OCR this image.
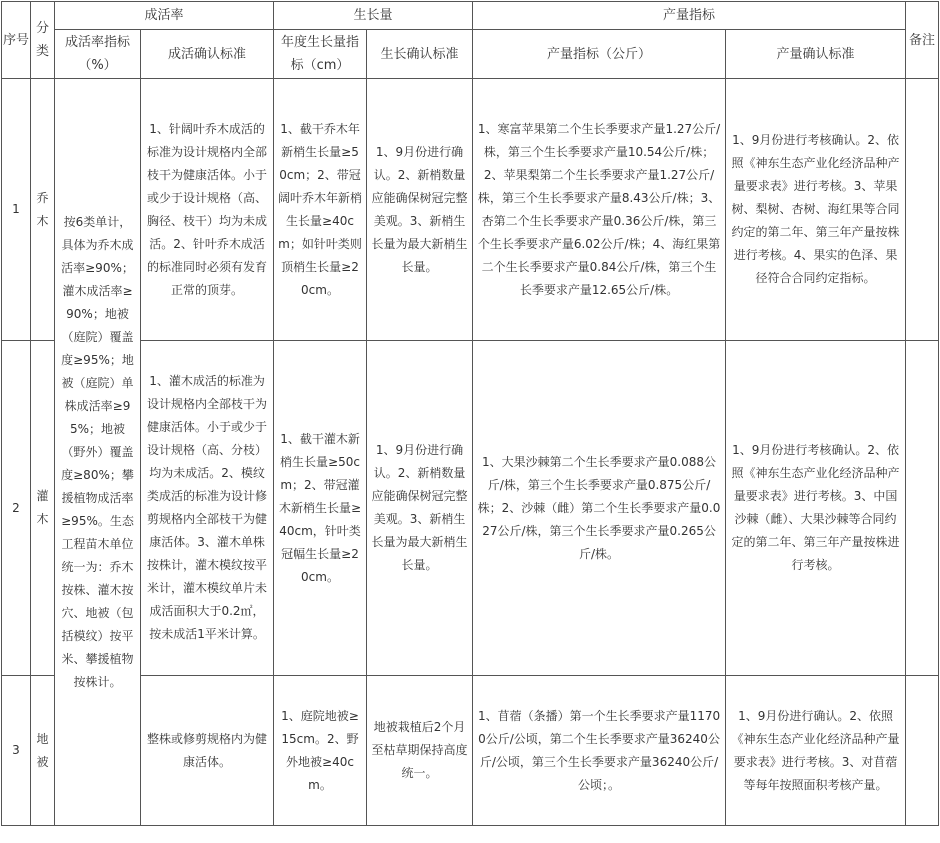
序号	分类	成活率		生长量		产量指标		备注
		成活率指标（%）	成活确认标准	年度生长量指标（cm）	生长确认标准	产量指标（公斤）	产量确认标准	
1	乔木	按6类单计，具体为乔木成活率≥90%；灌木成活率≥90%；地被（庭院）覆盖度≥95%；地被（庭院）单株成活率≥95%；地被（野外）覆盖度≥80%；攀援植物成活率≥95%。生态工程苗木单位统一为：乔木按株、灌木按穴、地被（包括模纹）按平米、攀援植物按株计。	1、针阔叶乔木成活的标准为设计规格内全部枝干为健康活体。小于或少于设计规格（高、胸径、枝干）均为未成活。2、针叶乔木成活的标准同时必须有发育正常的顶芽。	1、截干乔木年新梢生长量≥50cm；2、带冠阔叶乔木年新梢生长量≥40cm；如针叶类则顶梢生长量≥20cm。	1、9月份进行确认。2、新梢数量应能确保树冠完整美观。3、新梢生长量为最大新梢生长量。	1、寒富苹果第二个生长季要求产量1.27公斤/株，第三个生长季要求产量10.54公斤/株；2、苹果梨第二个生长季要求产量1.27公斤/株，第三个生长季要求产量8.43公斤/株；3、杏第二个生长季要求产量0.36公斤/株，第三个生长季要求产量6.02公斤/株；4、海红果第二个生长季要求产量0.84公斤/株，第三个生长季要求产量12.65公斤/株。	1、9月份进行考核确认。2、依照《神东生态产业化经济品种产量要求表》进行考核。3、苹果树、梨树、杏树、海红果等合同约定的第二年、第三年产量按株进行考核。4、果实的色泽、果径符合合同约定指标。	
2	灌木		1、灌木成活的标准为设计规格内全部枝干为健康活体。小于或少于设计规格（高、分枝）均为未成活。2、模纹类成活的标准为设计修剪规格内全部枝干为健康活体。3、灌木单株按株计，灌木模纹按平米计，灌木模纹单片未成活面积大于0.2㎡，按未成活1平米计算。	1、截干灌木新梢生长量≥50cm；2、带冠灌木新梢生长量≥40cm，针叶类冠幅生长量≥20cm。	1、9月份进行确认。2、新梢数量应能确保树冠完整美观。3、新梢生长量为最大新梢生长量。	1、大果沙棘第二个生长季要求产量0.088公斤/株，第三个生长季要求产量0.875公斤/株；2、沙棘（雌）第二个生长季要求产量0.027公斤/株，第三个生长季要求产量0.265公斤/株。	1、9月份进行考核确认。2、依照《神东生态产业化经济品种产量要求表》进行考核。3、中国沙棘（雌）、大果沙棘等合同约定的第二年、第三年产量按株进行考核。	
3	地被		整株或修剪规格内为健康活体。	1、庭院地被≥15cm。2、野外地被≥40cm。	地被栽植后2个月至枯草期保持高度统一。	1、苜蓿（条播）第一个生长季要求产量11700公斤/公顷，第二个生长季要求产量36240公斤/公顷，第三个生长季要求产量36240公斤/公顷；。	1、9月份进行确认。2、依照《神东生态产业化经济品种产量要求表》进行考核。3、对苜蓿等每年按照面积考核产量。	
